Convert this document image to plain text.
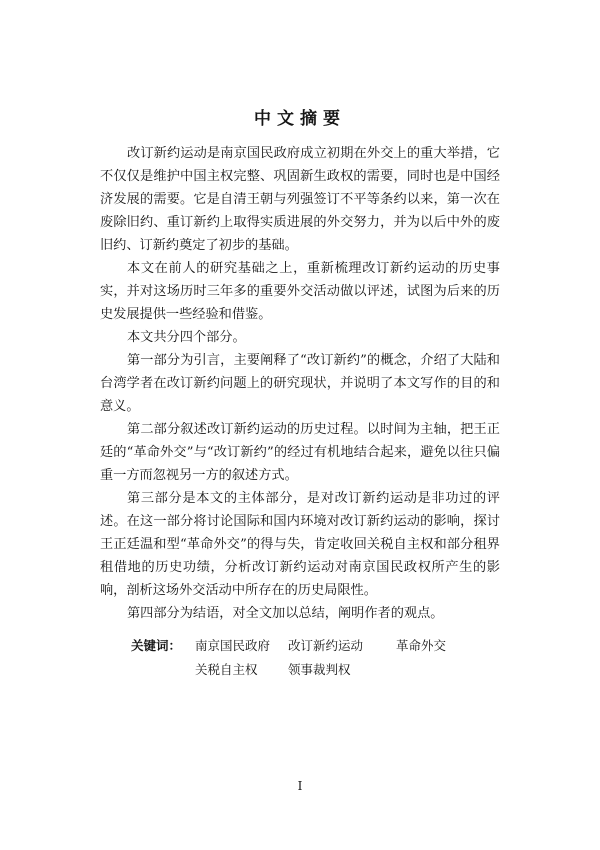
中文摘要

改订新约运动是南京国民政府成立初期在外交上的重大举措，它不仅仅是维护中国主权完整、巩固新生政权的需要，同时也是中国经济发展的需要。它是自清王朝与列强签订不平等条约以来，第一次在废除旧约、重订新约上取得实质进展的外交努力，并为以后中外的废旧约、订新约奠定了初步的基础。

本文在前人的研究基础之上，重新梳理改订新约运动的历史事实，并对这场历时三年多的重要外交活动做以评述，试图为后来的历史发展提供一些经验和借鉴。

本文共分四个部分。

第一部分为引言，主要阐释了“改订新约”的概念，介绍了大陆和台湾学者在改订新约问题上的研究现状，并说明了本文写作的目的和意义。

第二部分叙述改订新约运动的历史过程。以时间为主轴，把王正廷的“革命外交”与“改订新约”的经过有机地结合起来，避免以往只偏重一方而忽视另一方的叙述方式。

第三部分是本文的主体部分，是对改订新约运动是非功过的评述。在这一部分将讨论国际和国内环境对改订新约运动的影响，探讨王正廷温和型“革命外交”的得与失，肯定收回关税自主权和部分租界租借地的历史功绩，分析改订新约运动对南京国民政权所产生的影响，剖析这场外交活动中所存在的历史局限性。

第四部分为结语，对全文加以总结，阐明作者的观点。

关键词： 南京国民政府 改订新约运动	革命外交
关税自主权 领事裁判权
I
